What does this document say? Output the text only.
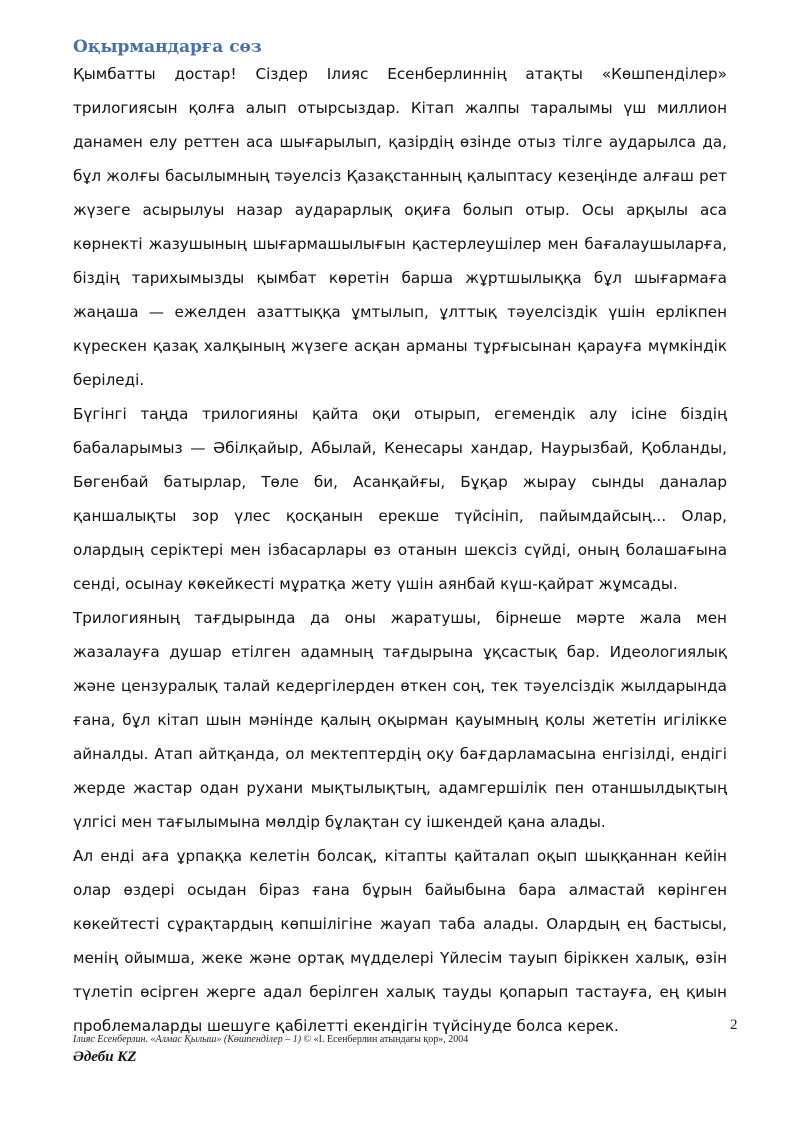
Оқырмандарға сөз

Қымбатты достар! Сіздер Ілияс Есенберлиннің атақты «Көшпенділер» трилогиясын қолға алып отырсыздар. Кітап жалпы таралымы үш миллион данамен елу реттен аса шығарылып, қазірдің өзінде отыз тілге аударылса да, бұл жолғы басылымның тәуелсіз Қазақстанның қалыптасу кезеңінде алғаш рет жүзеге асырылуы назар аударарлық оқиға болып отыр. Осы арқылы аса көрнекті жазушының шығармашылығын қастерлеушілер мен бағалаушыларға, біздің тарихымызды қымбат көретін барша жұртшылыққа бұл шығармаға жаңаша — ежелден азаттыққа ұмтылып, ұлттық тәуелсіздік үшін ерлікпен күрескен қазақ халқының жүзеге асқан арманы тұрғысынан қарауға мүмкіндік беріледі.

Бүгінгі таңда трилогияны қайта оқи отырып, егемендік алу ісіне біздің бабаларымыз — Әбілқайыр, Абылай, Кенесары хандар, Наурызбай, Қобланды, Бөгенбай батырлар, Төле би, Асанқайғы, Бұқар жырау сынды даналар қаншалықты зор үлес қосқанын ерекше түйсініп, пайымдайсың... Олар, олардың серіктері мен ізбасарлары өз отанын шексіз сүйді, оның болашағына сенді, осынау көкейкесті мұратқа жету үшін аянбай күш-қайрат жұмсады.

Трилогияның тағдырында да оны жаратушы, бірнеше мәрте жала мен жазалауға душар етілген адамның тағдырына ұқсастық бар. Идеологиялық және цензуралық талай кедергілерден өткен соң, тек тәуелсіздік жылдарында ғана, бұл кітап шын мәнінде қалың оқырман қауымның қолы жететін игілікке айналды. Атап айтқанда, ол мектептердің оқу бағдарламасына енгізілді, ендігі жерде жастар одан рухани мықтылықтың, адамгершілік пен отаншылдықтың үлгісі мен тағылымына мөлдір бұлақтан су ішкендей қана алады.

Ал енді аға ұрпаққа келетін болсақ, кітапты қайталап оқып шыққаннан кейін олар өздері осыдан біраз ғана бұрын байыбына бара алмастай көрінген көкейтесті сұрақтардың көпшілігіне жауап таба алады. Олардың ең бастысы, менің ойымша, жеке және ортақ мүдделері Үйлесім тауып біріккен халық, өзін түлетіп өсірген жерге адал берілген халық тауды қопарып тастауға, ең қиын проблемаларды шешуге қабілетті екендігін түйсінуде болса керек.	2
Ілияс Есенберлин. «Алмас Қылыш» (Көшпенділер – 1) © «І. Есенберлин атындағы қор», 2004
Әдеби KZ
